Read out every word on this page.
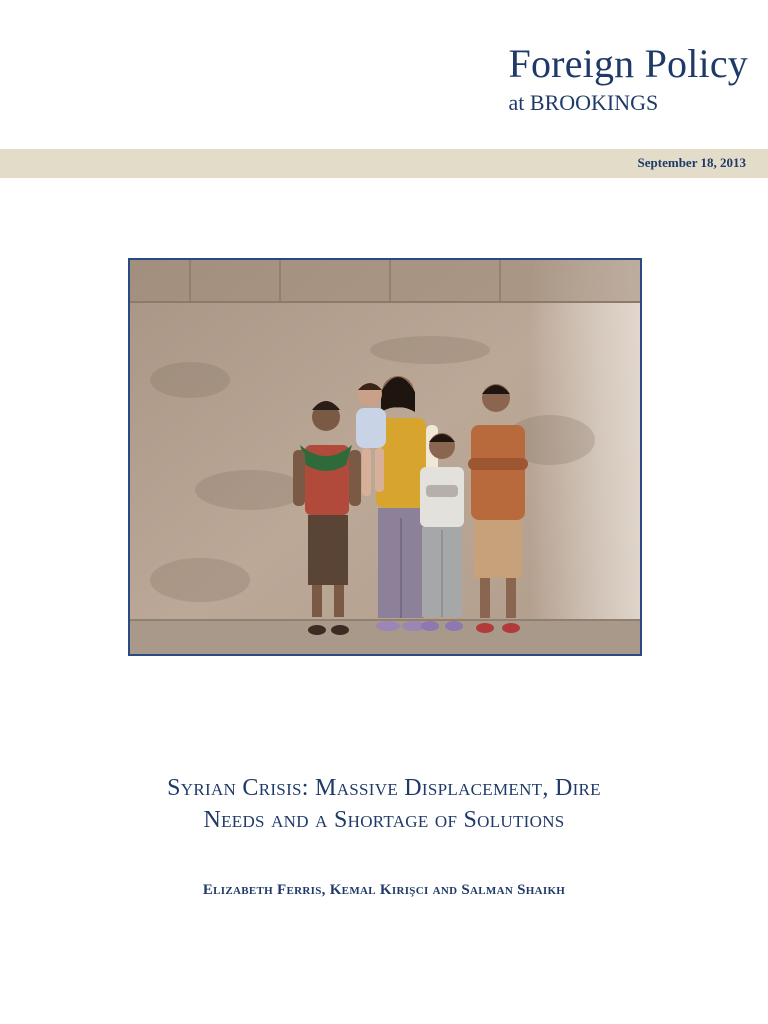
Foreign Policy
at BROOKINGS
September 18, 2013
Syrian Crisis: Massive Displacement, Dire
Needs and a Shortage of Solutions
Elizabeth Ferris, Kemal Kirişci and Salman Shaikh
